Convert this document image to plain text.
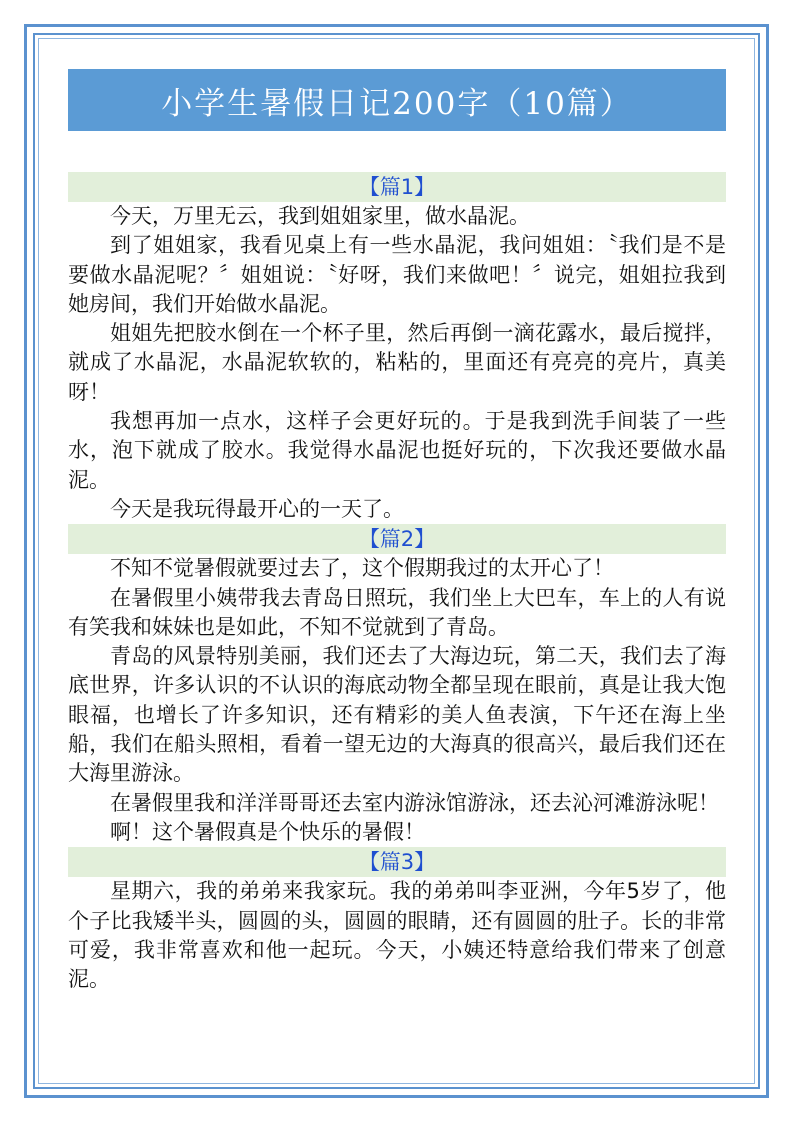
小学生暑假日记200字（10篇）
【篇1】

今天，万里无云，我到姐姐家里，做水晶泥。

到了姐姐家，我看见桌上有一些水晶泥，我问姐姐：〝我们是不是要做水晶泥呢？〞姐姐说：〝好呀，我们来做吧！〞说完，姐姐拉我到她房间，我们开始做水晶泥。

姐姐先把胶水倒在一个杯子里，然后再倒一滴花露水，最后搅拌，就成了水晶泥，水晶泥软软的，粘粘的，里面还有亮亮的亮片，真美呀！

我想再加一点水，这样子会更好玩的。于是我到洗手间装了一些水，泡下就成了胶水。我觉得水晶泥也挺好玩的，下次我还要做水晶泥。

今天是我玩得最开心的一天了。

【篇2】

不知不觉暑假就要过去了，这个假期我过的太开心了！

在暑假里小姨带我去青岛日照玩，我们坐上大巴车，车上的人有说有笑我和妹妹也是如此，不知不觉就到了青岛。

青岛的风景特别美丽，我们还去了大海边玩，第二天，我们去了海底世界，许多认识的不认识的海底动物全都呈现在眼前，真是让我大饱眼福，也增长了许多知识，还有精彩的美人鱼表演，下午还在海上坐船，我们在船头照相，看着一望无边的大海真的很高兴，最后我们还在大海里游泳。

在暑假里我和洋洋哥哥还去室内游泳馆游泳，还去沁河滩游泳呢！

啊！这个暑假真是个快乐的暑假！

【篇3】

星期六，我的弟弟来我家玩。我的弟弟叫李亚洲，今年5岁了，他个子比我矮半头，圆圆的头，圆圆的眼睛，还有圆圆的肚子。长的非常可爱，我非常喜欢和他一起玩。今天，小姨还特意给我们带来了创意泥。
